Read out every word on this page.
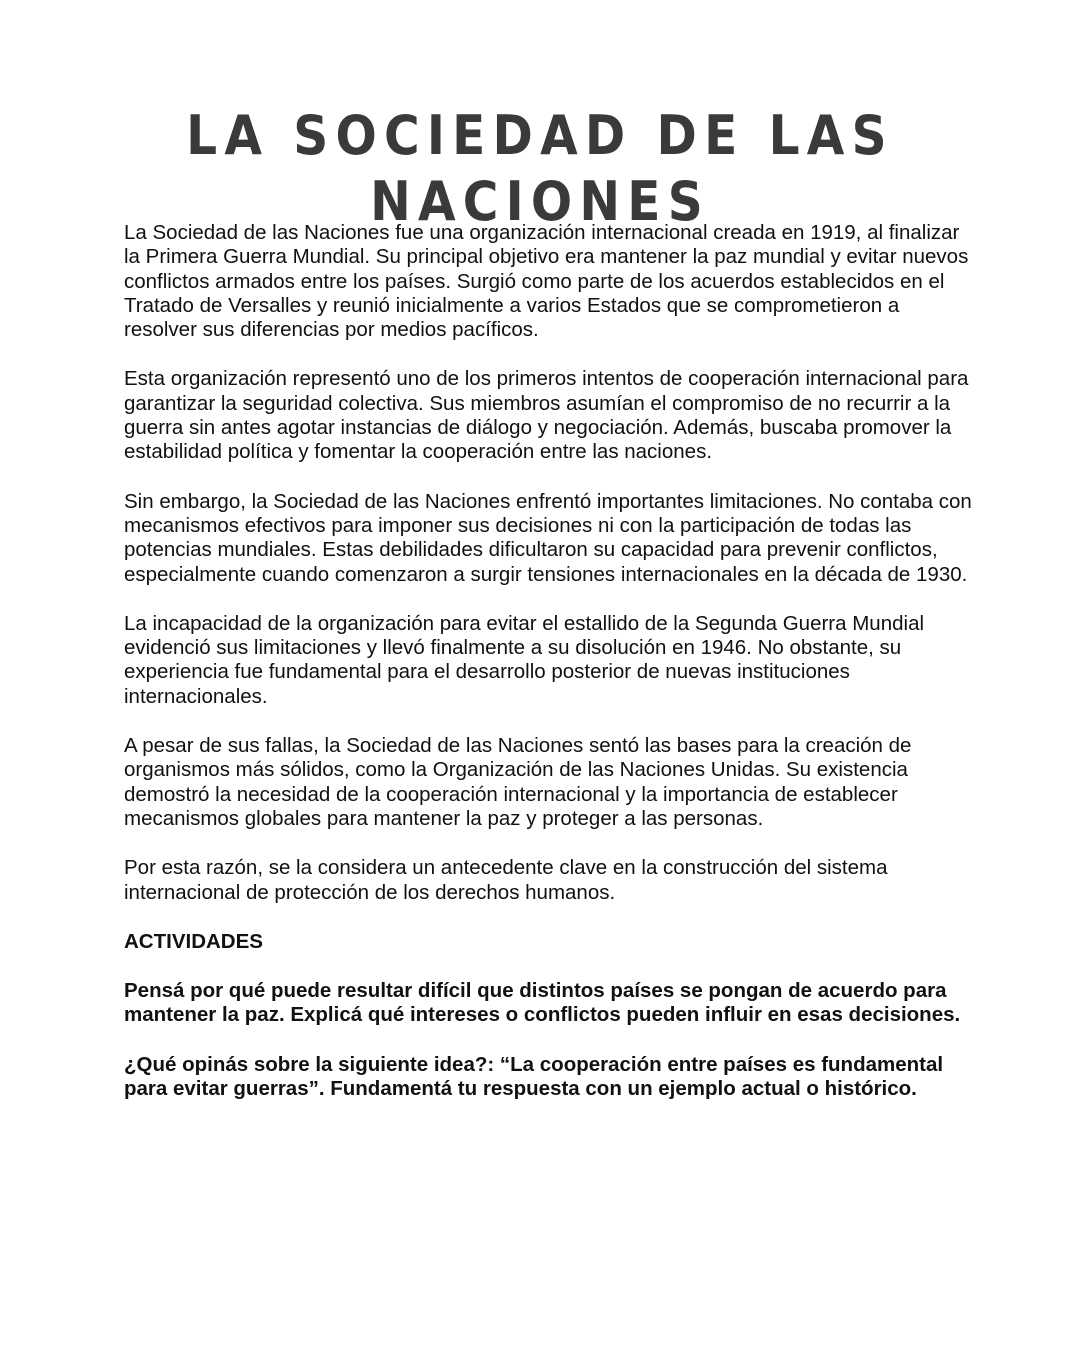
LA SOCIEDAD DE LAS NACIONES

La Sociedad de las Naciones fue una organización internacional creada en 1919, al finalizar la Primera Guerra Mundial. Su principal objetivo era mantener la paz mundial y evitar nuevos conflictos armados entre los países. Surgió como parte de los acuerdos establecidos en el Tratado de Versalles y reunió inicialmente a varios Estados que se comprometieron a resolver sus diferencias por medios pacíficos.

Esta organización representó uno de los primeros intentos de cooperación internacional para garantizar la seguridad colectiva. Sus miembros asumían el compromiso de no recurrir a la guerra sin antes agotar instancias de diálogo y negociación. Además, buscaba promover la estabilidad política y fomentar la cooperación entre las naciones.

Sin embargo, la Sociedad de las Naciones enfrentó importantes limitaciones. No contaba con mecanismos efectivos para imponer sus decisiones ni con la participación de todas las potencias mundiales. Estas debilidades dificultaron su capacidad para prevenir conflictos, especialmente cuando comenzaron a surgir tensiones internacionales en la década de 1930.

La incapacidad de la organización para evitar el estallido de la Segunda Guerra Mundial evidenció sus limitaciones y llevó finalmente a su disolución en 1946. No obstante, su experiencia fue fundamental para el desarrollo posterior de nuevas instituciones internacionales.

A pesar de sus fallas, la Sociedad de las Naciones sentó las bases para la creación de organismos más sólidos, como la Organización de las Naciones Unidas. Su existencia demostró la necesidad de la cooperación internacional y la importancia de establecer mecanismos globales para mantener la paz y proteger a las personas.

Por esta razón, se la considera un antecedente clave en la construcción del sistema internacional de protección de los derechos humanos.

ACTIVIDADES

Pensá por qué puede resultar difícil que distintos países se pongan de acuerdo para mantener la paz. Explicá qué intereses o conflictos pueden influir en esas decisiones.

¿Qué opinás sobre la siguiente idea?: “La cooperación entre países es fundamental para evitar guerras”. Fundamentá tu respuesta con un ejemplo actual o histórico.
